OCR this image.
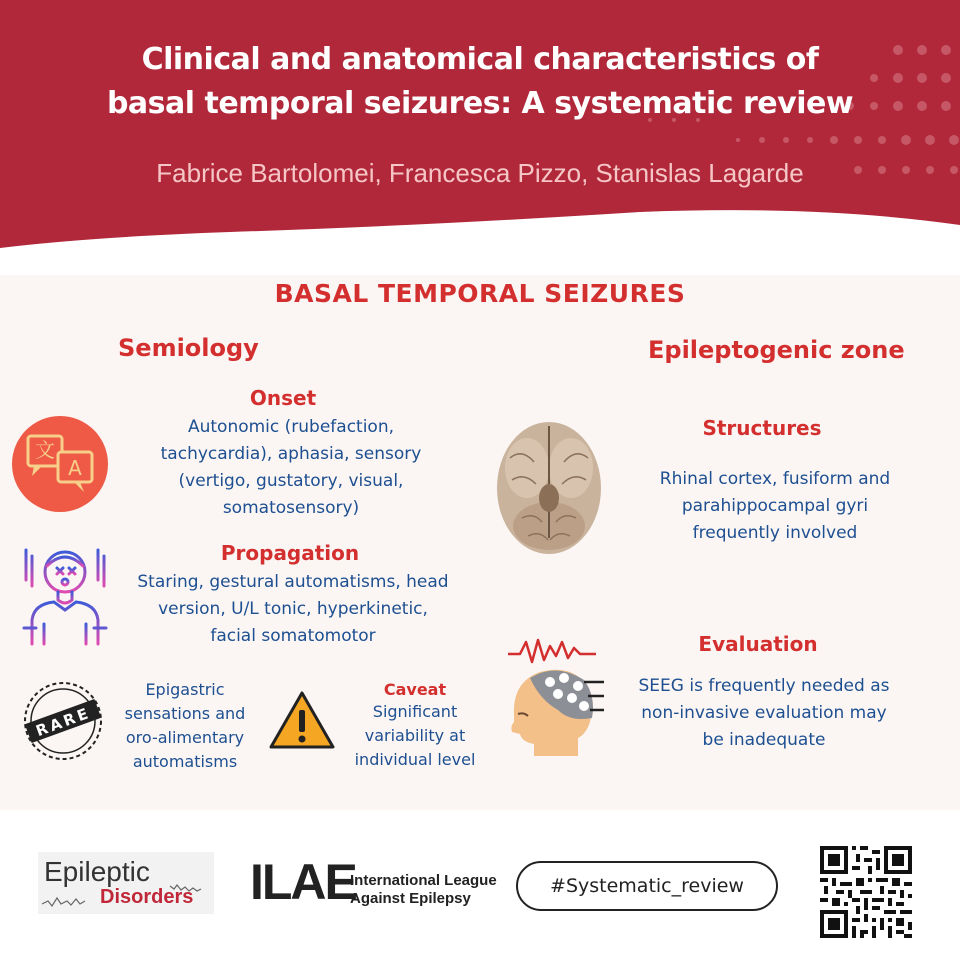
Clinical and anatomical characteristics of
basal temporal seizures: A systematic review
Fabrice Bartolomei, Francesca Pizzo, Stanislas Lagarde
BASAL TEMPORAL SEIZURES
Semiology
文
A
Onset
Autonomic (rubefaction,
tachycardia), aphasia, sensory
(vertigo, gustatory, visual,
somatosensory)
Propagation
Staring, gestural automatisms, head
version, U/L tonic, hyperkinetic,
facial somatomotor
RARE
Epigastric
sensations and
oro-alimentary
automatisms
Caveat
Significant
variability at
individual level
Epileptogenic zone
Structures
Rhinal cortex, fusiform and
parahippocampal gyri
frequently involved
Evaluation
SEEG is frequently needed as
non-invasive evaluation may
be inadequate
Epileptic
Disorders ILAE
International League
Against Epilepsy
#Systematic_review
